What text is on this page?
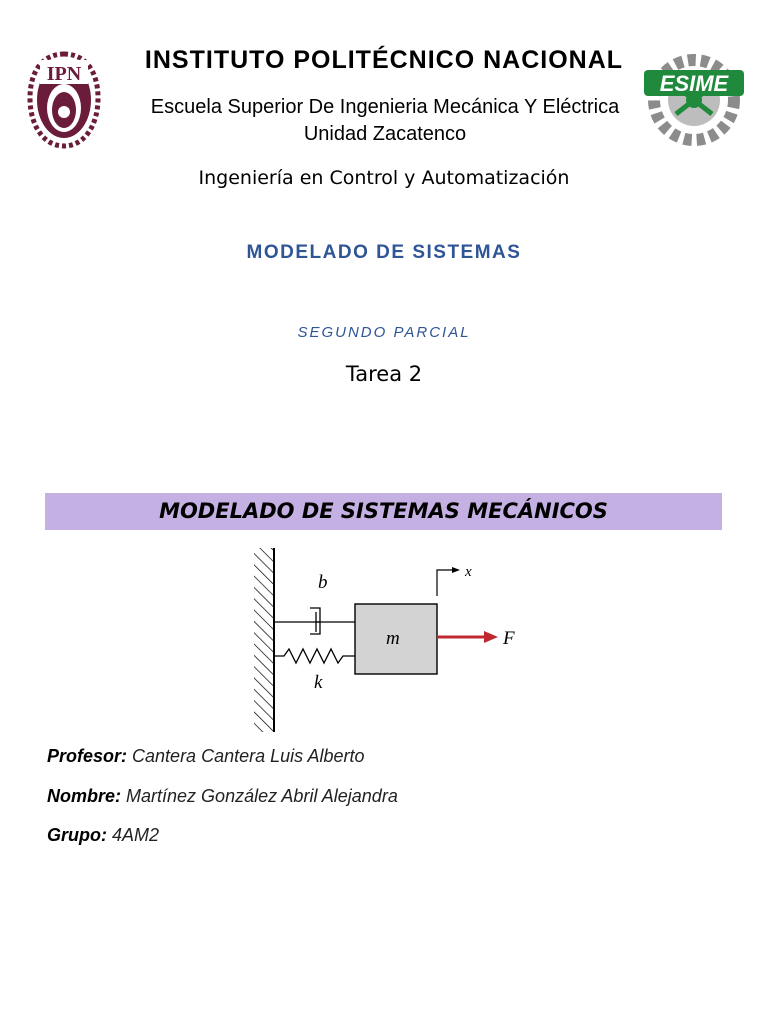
IPN	ESIME
INSTITUTO POLITÉCNICO NACIONAL
Escuela Superior De Ingenieria Mecánica Y Eléctrica Unidad Zacatenco
Ingeniería en Control y Automatización
MODELADO DE SISTEMAS
SEGUNDO PARCIAL
Tarea 2
MODELADO DE SISTEMAS MECÁNICOS
b
k
m	F
x
Profesor: Cantera Cantera Luis Alberto
Nombre: Martínez González Abril Alejandra
Grupo: 4AM2
